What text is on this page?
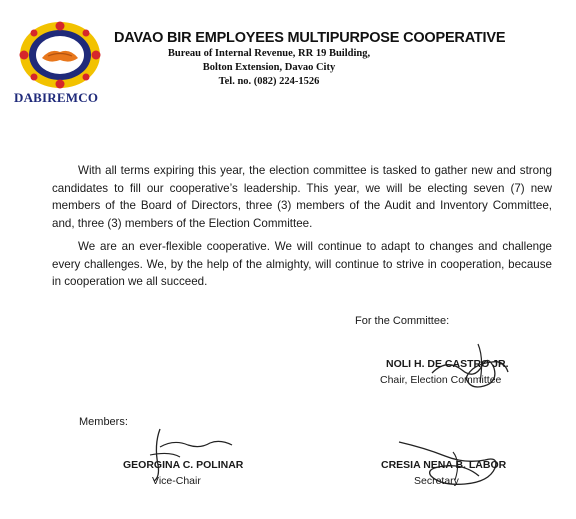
DABIREMCO
DAVAO BIR EMPLOYEES MULTIPURPOSE COOPERATIVE
Bureau of Internal Revenue, RR 19 Building,
Bolton Extension, Davao City
Tel. no. (082) 224-1526

With all terms expiring this year, the election committee is tasked to gather new and strong candidates to fill our cooperative’s leadership. This year, we will be electing seven (7) new members of the Board of Directors, three (3) members of the Audit and Inventory Committee, and, three (3) members of the Election Committee.

We are an ever-flexible cooperative. We will continue to adapt to changes and challenge every challenges. We, by the help of the almighty, will continue to strive in cooperation, because in cooperation we all succeed.

For the Committee:
NOLI H. DE CASTRO JR.
Chair, Election Committee
Members:
GEORGINA C. POLINAR
Vice-Chair
CRESIA NENA B. LABOR
Secretary
